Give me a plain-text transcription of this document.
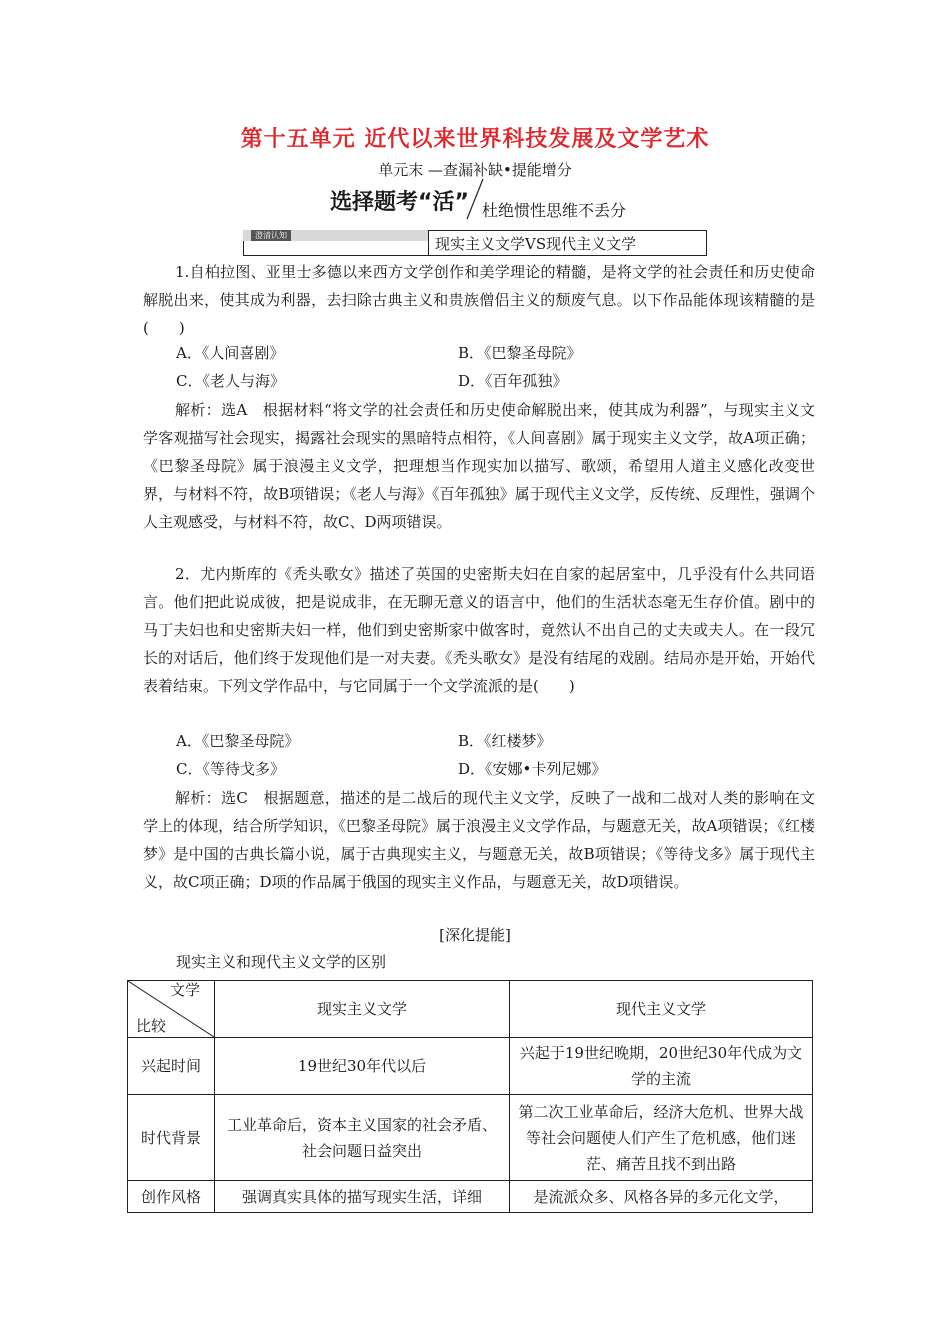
第十五单元 近代以来世界科技发展及文学艺术
单元末 —查漏补缺•提能增分
选择题考“活” 杜绝惯性思维不丢分
现实主义文学VS现代主义文学
澄清认知
1.自柏拉图、亚里士多德以来西方文学创作和美学理论的精髓，是将文学的社会责任和历史使命解脱出来，使其成为利器，去扫除古典主义和贵族僧侣主义的颓废气息。以下作品能体现该精髓的是(　　)
A．《人间喜剧》	B．《巴黎圣母院》
C．《老人与海》	D．《百年孤独》
解析：选A　根据材料“将文学的社会责任和历史使命解脱出来，使其成为利器”，与现实主义文学客观描写社会现实，揭露社会现实的黑暗特点相符，《人间喜剧》属于现实主义文学，故A项正确；《巴黎圣母院》属于浪漫主义文学，把理想当作现实加以描写、歌颂，希望用人道主义感化改变世界，与材料不符，故B项错误；《老人与海》《百年孤独》属于现代主义文学，反传统、反理性，强调个人主观感受，与材料不符，故C、D两项错误。
2．尤内斯库的《秃头歌女》描述了英国的史密斯夫妇在自家的起居室中，几乎没有什么共同语言。他们把此说成彼，把是说成非，在无聊无意义的语言中，他们的生活状态毫无生存价值。剧中的马丁夫妇也和史密斯夫妇一样，他们到史密斯家中做客时，竟然认不出自己的丈夫或夫人。在一段冗长的对话后，他们终于发现他们是一对夫妻。《秃头歌女》是没有结尾的戏剧。结局亦是开始，开始代表着结束。下列文学作品中，与它同属于一个文学流派的是(　　)
A．《巴黎圣母院》	B．《红楼梦》
C．《等待戈多》	D．《安娜•卡列尼娜》
解析：选C　根据题意，描述的是二战后的现代主义文学，反映了一战和二战对人类的影响在文学上的体现，结合所学知识，《巴黎圣母院》属于浪漫主义文学作品，与题意无关，故A项错误；《红楼梦》是中国的古典长篇小说，属于古典现实主义，与题意无关，故B项错误；《等待戈多》属于现代主义，故C项正确；D项的作品属于俄国的现实主义作品，与题意无关，故D项错误。
[深化提能]
现实主义和现代主义文学的区别
文学
比较	现实主义文学	现代主义文学
兴起时间	19世纪30年代以后	兴起于19世纪晚期，20世纪30年代成为文学的主流
时代背景	工业革命后，资本主义国家的社会矛盾、社会问题日益突出	第二次工业革命后，经济大危机、世界大战等社会问题使人们产生了危机感，他们迷茫、痛苦且找不到出路
创作风格	强调真实具体的描写现实生活，详细	是流派众多、风格各异的多元化文学，
